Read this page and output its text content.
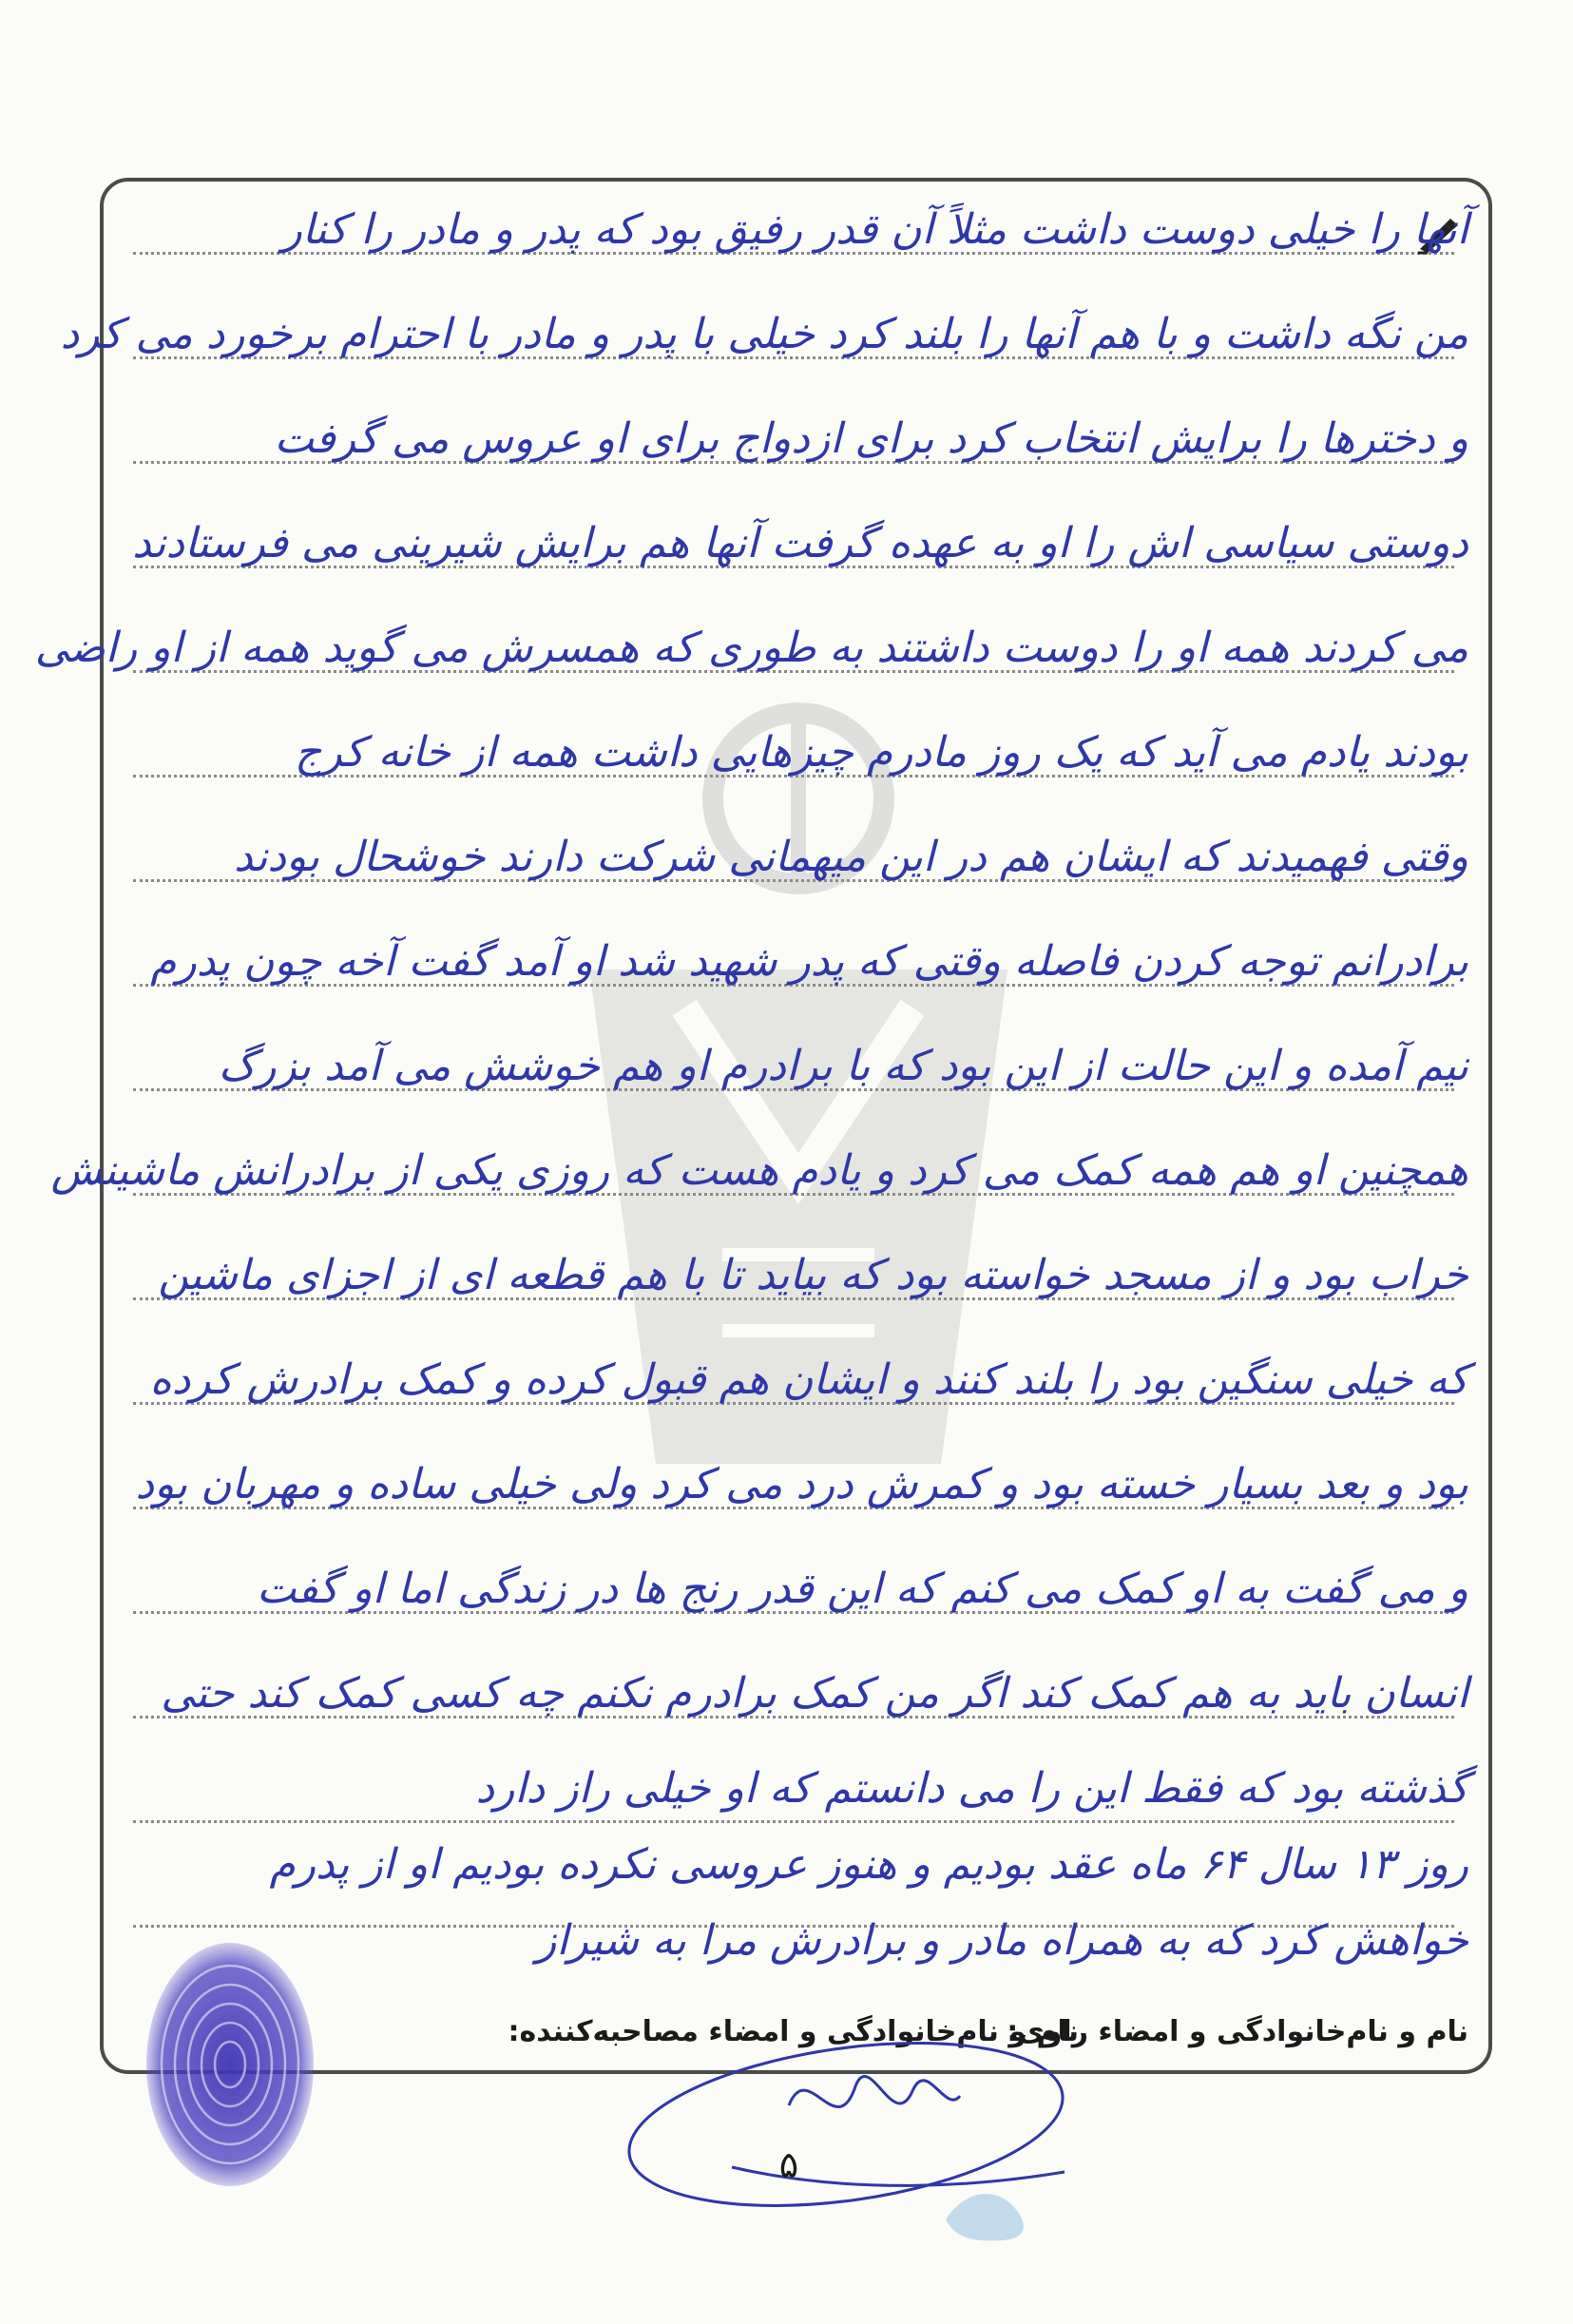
آنها را خیلی دوست داشت مثلاً آن قدر رفیق بود که پدر و مادر را کنار
من نگه داشت و با هم آنها را بلند کرد خیلی با پدر و مادر با احترام برخورد می کرد
و دخترها را برایش انتخاب کرد برای ازدواج برای او عروس می گرفت
دوستی سیاسی اش را او به عهده گرفت آنها هم برایش شیرینی می فرستادند
می کردند همه او را دوست داشتند به طوری که همسرش می گوید همه از او راضی
بودند یادم می آید که یک روز مادرم چیزهایی داشت همه از خانه کرج
وقتی فهمیدند که ایشان هم در این میهمانی شرکت دارند خوشحال بودند
برادرانم توجه کردن فاصله وقتی که پدر شهید شد او آمد گفت آخه چون پدرم
نیم آمده و این حالت از این بود که با برادرم او هم خوشش می آمد بزرگ
همچنین او هم همه کمک می کرد و یادم هست که روزی یکی از برادرانش ماشینش
خراب بود و از مسجد خواسته بود که بیاید تا با هم قطعه ای از اجزای ماشین
که خیلی سنگین بود را بلند کنند و ایشان هم قبول کرده و کمک برادرش کرده
بود و بعد بسیار خسته بود و کمرش درد می کرد ولی خیلی ساده و مهربان بود
و می گفت به او کمک می کنم که این قدر رنج ها در زندگی اما او گفت
انسان باید به هم کمک کند اگر من کمک برادرم نکنم چه کسی کمک کند حتی
گذشته بود که فقط این را می دانستم که او خیلی راز دارد
روز ۱۳ سال ۶۴ ماه عقد بودیم و هنوز عروسی نکرده بودیم او از پدرم
خواهش کرد که به همراه مادر و برادرش مرا به شیراز
نام و نام‌خانوادگی و امضاء راوی:
نام و نام‌خانوادگی و امضاء مصاحبه‌کننده:
۵
